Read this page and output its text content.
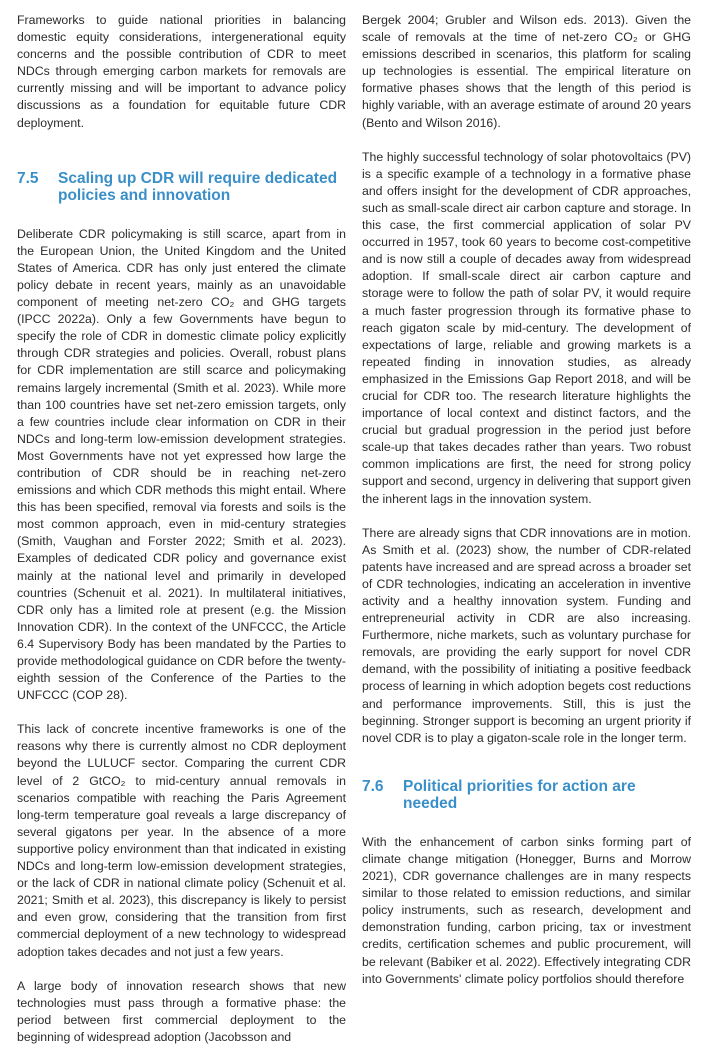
Frameworks to guide national priorities in balancing domestic equity considerations, intergenerational equity concerns and the possible contribution of CDR to meet NDCs through emerging carbon markets for removals are currently missing and will be important to advance policy discussions as a foundation for equitable future CDR deployment.

7.5	Scaling up CDR will require dedicated policies and innovation

Deliberate CDR policymaking is still scarce, apart from in the European Union, the United Kingdom and the United States of America. CDR has only just entered the climate policy debate in recent years, mainly as an unavoidable component of meeting net-zero CO₂ and GHG targets (IPCC 2022a). Only a few Governments have begun to specify the role of CDR in domestic climate policy explicitly through CDR strategies and policies. Overall, robust plans for CDR implementation are still scarce and policymaking remains largely incremental (Smith et al. 2023). While more than 100 countries have set net-zero emission targets, only a few countries include clear information on CDR in their NDCs and long-term low-emission development strategies. Most Governments have not yet expressed how large the contribution of CDR should be in reaching net-zero emissions and which CDR methods this might entail. Where this has been specified, removal via forests and soils is the most common approach, even in mid-century strategies (Smith, Vaughan and Forster 2022; Smith et al. 2023). Examples of dedicated CDR policy and governance exist mainly at the national level and primarily in developed countries (Schenuit et al. 2021). In multilateral initiatives, CDR only has a limited role at present (e.g. the Mission Innovation CDR). In the context of the UNFCCC, the Article 6.4 Supervisory Body has been mandated by the Parties to provide methodological guidance on CDR before the twenty-eighth session of the Conference of the Parties to the UNFCCC (COP 28).

This lack of concrete incentive frameworks is one of the reasons why there is currently almost no CDR deployment beyond the LULUCF sector. Comparing the current CDR level of 2 GtCO₂ to mid-century annual removals in scenarios compatible with reaching the Paris Agreement long-term temperature goal reveals a large discrepancy of several gigatons per year. In the absence of a more supportive policy environment than that indicated in existing NDCs and long-term low-emission development strategies, or the lack of CDR in national climate policy (Schenuit et al. 2021; Smith et al. 2023), this discrepancy is likely to persist and even grow, considering that the transition from first commercial deployment of a new technology to widespread adoption takes decades and not just a few years.

A large body of innovation research shows that new technologies must pass through a formative phase: the period between first commercial deployment to the beginning of widespread adoption (Jacobsson and

Bergek 2004; Grubler and Wilson eds. 2013). Given the scale of removals at the time of net-zero CO₂ or GHG emissions described in scenarios, this platform for scaling up technologies is essential. The empirical literature on formative phases shows that the length of this period is highly variable, with an average estimate of around 20 years (Bento and Wilson 2016).

The highly successful technology of solar photovoltaics (PV) is a specific example of a technology in a formative phase and offers insight for the development of CDR approaches, such as small-scale direct air carbon capture and storage. In this case, the first commercial application of solar PV occurred in 1957, took 60 years to become cost-competitive and is now still a couple of decades away from widespread adoption. If small-scale direct air carbon capture and storage were to follow the path of solar PV, it would require a much faster progression through its formative phase to reach gigaton scale by mid-century. The development of expectations of large, reliable and growing markets is a repeated finding in innovation studies, as already emphasized in the Emissions Gap Report 2018, and will be crucial for CDR too. The research literature highlights the importance of local context and distinct factors, and the crucial but gradual progression in the period just before scale-up that takes decades rather than years. Two robust common implications are first, the need for strong policy support and second, urgency in delivering that support given the inherent lags in the innovation system.

There are already signs that CDR innovations are in motion. As Smith et al. (2023) show, the number of CDR-related patents have increased and are spread across a broader set of CDR technologies, indicating an acceleration in inventive activity and a healthy innovation system. Funding and entrepreneurial activity in CDR are also increasing. Furthermore, niche markets, such as voluntary purchase for removals, are providing the early support for novel CDR demand, with the possibility of initiating a positive feedback process of learning in which adoption begets cost reductions and performance improvements. Still, this is just the beginning. Stronger support is becoming an urgent priority if novel CDR is to play a gigaton-scale role in the longer term.

7.6	Political priorities for action are needed

With the enhancement of carbon sinks forming part of climate change mitigation (Honegger, Burns and Morrow 2021), CDR governance challenges are in many respects similar to those related to emission reductions, and similar policy instruments, such as research, development and demonstration funding, carbon pricing, tax or investment credits, certification schemes and public procurement, will be relevant (Babiker et al. 2022). Effectively integrating CDR into Governments' climate policy portfolios should therefore
